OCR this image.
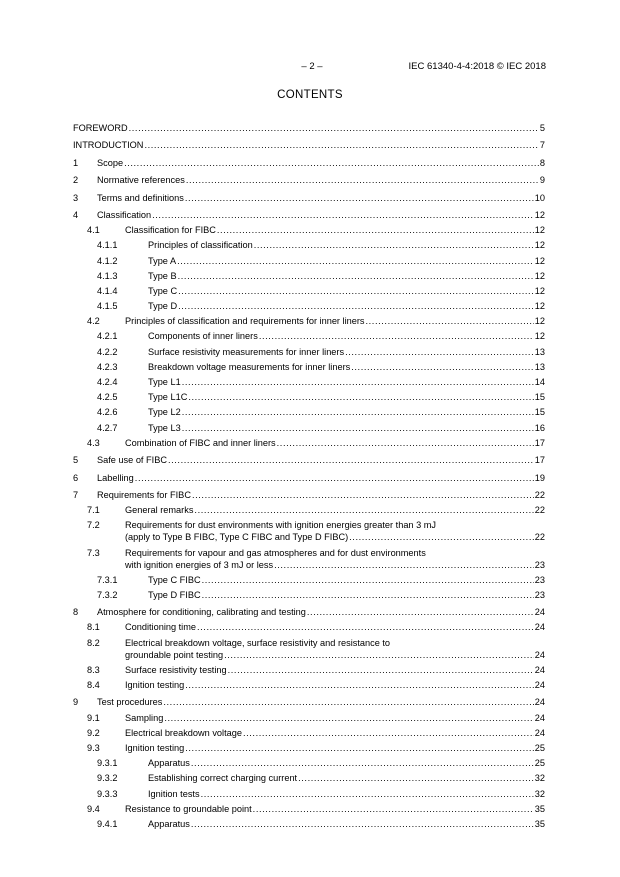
– 2 –	IEC 61340-4-4:2018 © IEC 2018
CONTENTS
FOREWORD .....	5
INTRODUCTION .....	7
1 Scope .....	8
2 Normative references .....	9
3 Terms and definitions .....	10
4 Classification .....	12
4.1	Classification for FIBC .....	12
4.1.1	Principles of classification .....	12
4.1.2	Type A .....	12
4.1.3	Type B .....	12
4.1.4	Type C .....	12
4.1.5	Type D .....	12
4.2	Principles of classification and requirements for inner liners .....	12
4.2.1	Components of inner liners .....	12
4.2.2	Surface resistivity measurements for inner liners .....	13
4.2.3	Breakdown voltage measurements for inner liners .....	13
4.2.4	Type L1 .....	14
4.2.5	Type L1C .....	15
4.2.6	Type L2 .....	15
4.2.7	Type L3 .....	16
4.3	Combination of FIBC and inner liners .....	17
5 Safe use of FIBC .....	17
6 Labelling .....	19
7 Requirements for FIBC .....	22
7.1	General remarks .....	22
7.2	Requirements for dust environments with ignition energies greater than 3 mJ
(apply to Type B FIBC, Type C FIBC and Type D FIBC) .....	22
7.3	Requirements for vapour and gas atmospheres and for dust environments
with ignition energies of 3 mJ or less .....	23
7.3.1	Type C FIBC .....	23
7.3.2	Type D FIBC .....	23
8 Atmosphere for conditioning, calibrating and testing .....	24
8.1	Conditioning time .....	24
8.2	Electrical breakdown voltage, surface resistivity and resistance to
groundable point testing .....	24
8.3	Surface resistivity testing .....	24
8.4	Ignition testing .....	24
9 Test procedures .....	24
9.1	Sampling .....	24
9.2	Electrical breakdown voltage .....	24
9.3	Ignition testing .....	25
9.3.1	Apparatus .....	25
9.3.2	Establishing correct charging current .....	32
9.3.3	Ignition tests .....	32
9.4	Resistance to groundable point .....	35
9.4.1	Apparatus .....	35
